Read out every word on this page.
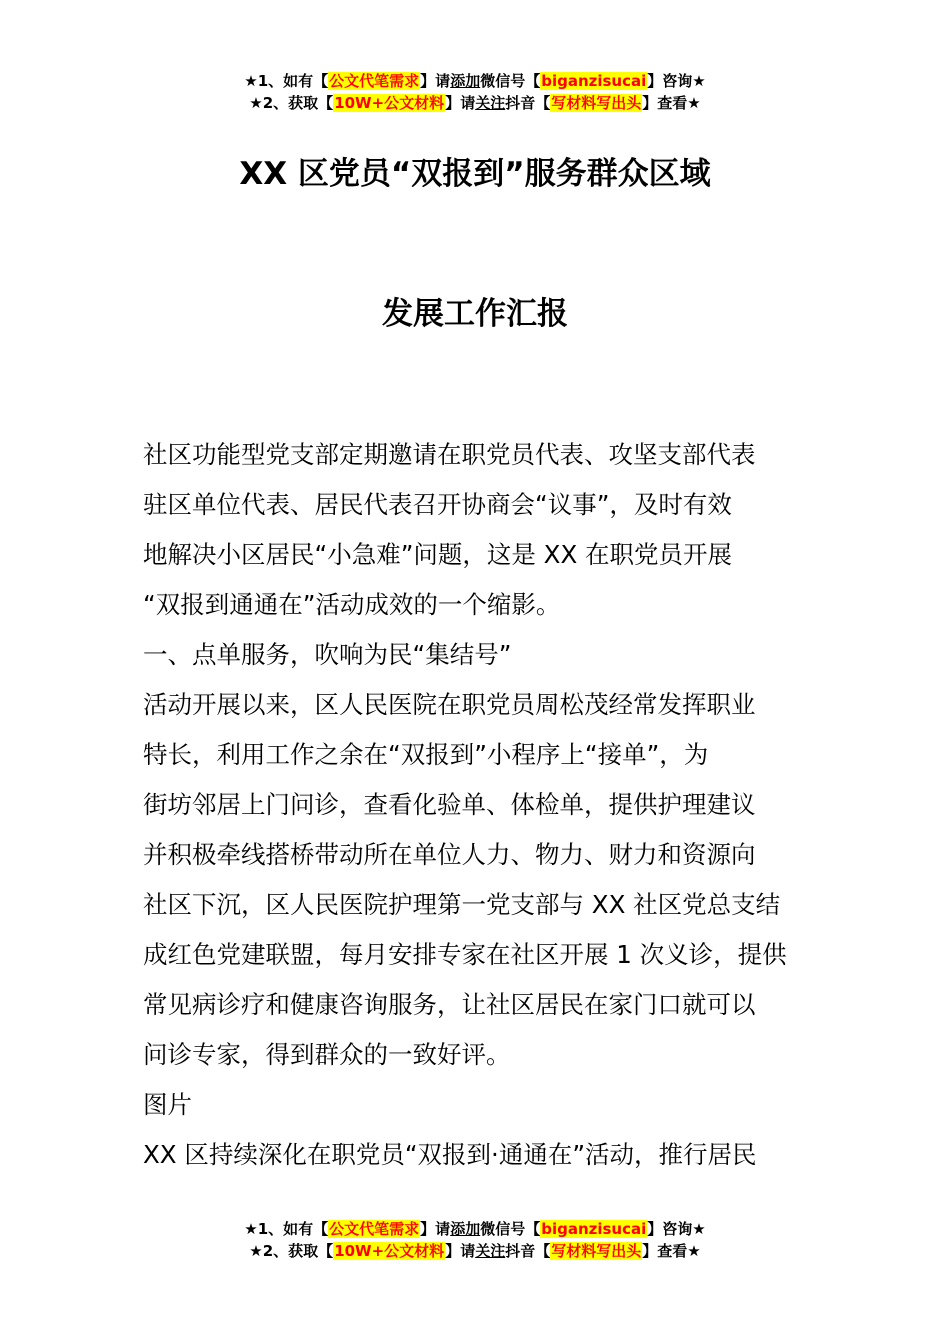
★1、如有【公文代笔需求】请添加微信号【biganzisucai】咨询★
★2、获取【10W+公文材料】请关注抖音【写材料写出头】查看★
XX 区党员“双报到”服务群众区域
发展工作汇报
社区功能型党支部定期邀请在职党员代表、攻坚支部代表
驻区单位代表、居民代表召开协商会“议事”，及时有效
地解决小区居民“小急难”问题，这是 XX 在职党员开展
“双报到通通在”活动成效的一个缩影。
一、点单服务，吹响为民“集结号”
活动开展以来，区人民医院在职党员周松茂经常发挥职业
特长，利用工作之余在“双报到”小程序上“接单”，为
街坊邻居上门问诊，查看化验单、体检单，提供护理建议
并积极牵线搭桥带动所在单位人力、物力、财力和资源向
社区下沉，区人民医院护理第一党支部与 XX 社区党总支结
成红色党建联盟，每月安排专家在社区开展 1 次义诊，提供
常见病诊疗和健康咨询服务，让社区居民在家门口就可以
问诊专家，得到群众的一致好评。
图片
XX 区持续深化在职党员“双报到·通通在”活动，推行居民
★1、如有【公文代笔需求】请添加微信号【biganzisucai】咨询★
★2、获取【10W+公文材料】请关注抖音【写材料写出头】查看★
